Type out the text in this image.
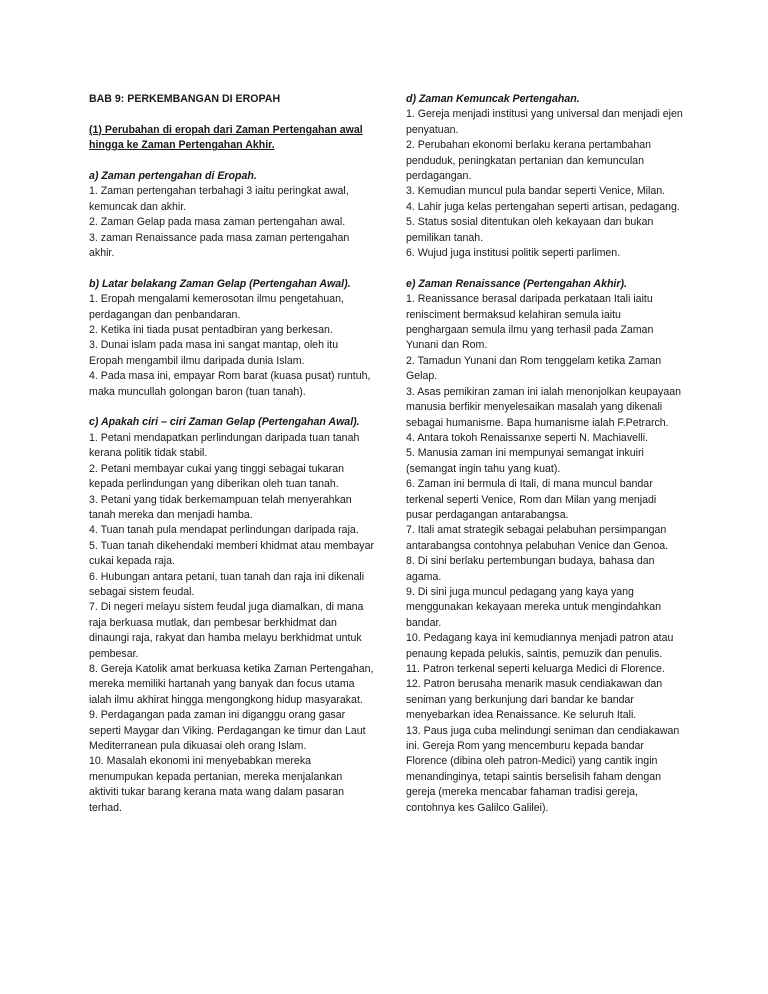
BAB 9: PERKEMBANGAN DI EROPAH

(1) Perubahan di eropah dari Zaman Pertengahan awal hingga ke Zaman Pertengahan Akhir.

a) Zaman pertengahan di Eropah.

1. Zaman pertengahan terbahagi 3 iaitu peringkat awal, kemuncak dan akhir.

2. Zaman Gelap pada masa zaman pertengahan awal.

3. zaman Renaissance pada masa zaman pertengahan akhir.

b) Latar belakang Zaman Gelap (Pertengahan Awal).

1. Eropah mengalami kemerosotan ilmu pengetahuan, perdagangan dan penbandaran.

2. Ketika ini tiada pusat pentadbiran yang berkesan.

3. Dunai islam pada masa ini sangat mantap, oleh itu Eropah mengambil ilmu daripada dunia Islam.

4. Pada masa ini, empayar Rom barat (kuasa pusat) runtuh, maka muncullah golongan baron (tuan tanah).

c) Apakah ciri – ciri Zaman Gelap (Pertengahan Awal).

1. Petani mendapatkan perlindungan daripada tuan tanah kerana politik tidak stabil.

2. Petani membayar cukai yang tinggi sebagai tukaran kepada perlindungan yang diberikan oleh tuan tanah.

3. Petani yang tidak berkemampuan telah menyerahkan tanah mereka dan menjadi hamba.

4. Tuan tanah pula mendapat perlindungan daripada raja.

5. Tuan tanah dikehendaki memberi khidmat atau membayar cukai kepada raja.

6. Hubungan antara petani, tuan tanah dan raja ini dikenali sebagai sistem feudal.

7. Di negeri melayu sistem feudal juga diamalkan, di mana raja berkuasa mutlak, dan pembesar berkhidmat dan dinaungi raja, rakyat dan hamba melayu berkhidmat untuk pembesar.

8. Gereja Katolik amat berkuasa ketika Zaman Pertengahan, mereka memiliki hartanah yang banyak dan focus utama ialah ilmu akhirat hingga mengongkong hidup masyarakat.

9. Perdagangan pada zaman ini diganggu orang gasar seperti Maygar dan Viking. Perdagangan ke timur dan Laut Mediterranean pula dikuasai oleh orang Islam.

10. Masalah ekonomi ini menyebabkan mereka menumpukan kepada pertanian, mereka menjalankan aktiviti tukar barang kerana mata wang dalam pasaran terhad.

d) Zaman Kemuncak Pertengahan.

1. Gereja menjadi institusi yang universal dan menjadi ejen penyatuan.

2. Perubahan ekonomi berlaku kerana pertambahan penduduk, peningkatan pertanian dan kemunculan perdagangan.

3. Kemudian muncul pula bandar seperti Venice, Milan.

4. Lahir juga kelas pertengahan seperti artisan, pedagang.

5. Status sosial ditentukan oleh kekayaan dan bukan pemilikan tanah.

6. Wujud juga institusi politik seperti parlimen.

e) Zaman Renaissance (Pertengahan Akhir).

1. Reanissance berasal daripada perkataan Itali iaitu renisciment bermaksud kelahiran semula iaitu penghargaan semula ilmu yang terhasil pada Zaman Yunani dan Rom.

2. Tamadun Yunani dan Rom tenggelam ketika Zaman Gelap.

3. Asas pemikiran zaman ini ialah menonjolkan keupayaan manusia berfikir menyelesaikan masalah yang dikenali sebagai humanisme. Bapa humanisme ialah F.Petrarch.

4. Antara tokoh Renaissanxe seperti N. Machiavelli.

5. Manusia zaman ini mempunyai semangat inkuiri (semangat ingin tahu yang kuat).

6. Zaman ini bermula di Itali, di mana muncul bandar terkenal seperti Venice, Rom dan Milan yang menjadi pusar perdagangan antarabangsa.

7. Itali amat strategik sebagai pelabuhan persimpangan antarabangsa contohnya pelabuhan Venice dan Genoa.

8. Di sini berlaku pertembungan budaya, bahasa dan agama.

9. Di sini juga muncul pedagang yang kaya yang menggunakan kekayaan mereka untuk mengindahkan bandar.

10. Pedagang kaya ini kemudiannya menjadi patron atau penaung kepada pelukis, saintis, pemuzik dan penulis.

11. Patron terkenal seperti keluarga Medici di Florence.

12. Patron berusaha menarik masuk cendiakawan dan seniman yang berkunjung dari bandar ke bandar menyebarkan idea Renaissance. Ke seluruh Itali.

13. Paus juga cuba melindungi seniman dan cendiakawan ini. Gereja Rom yang mencemburu kepada bandar Florence (dibina oleh patron-Medici) yang cantik ingin menandinginya, tetapi saintis berselisih faham dengan gereja (mereka mencabar fahaman tradisi gereja, contohnya kes Galilco Galilei).
